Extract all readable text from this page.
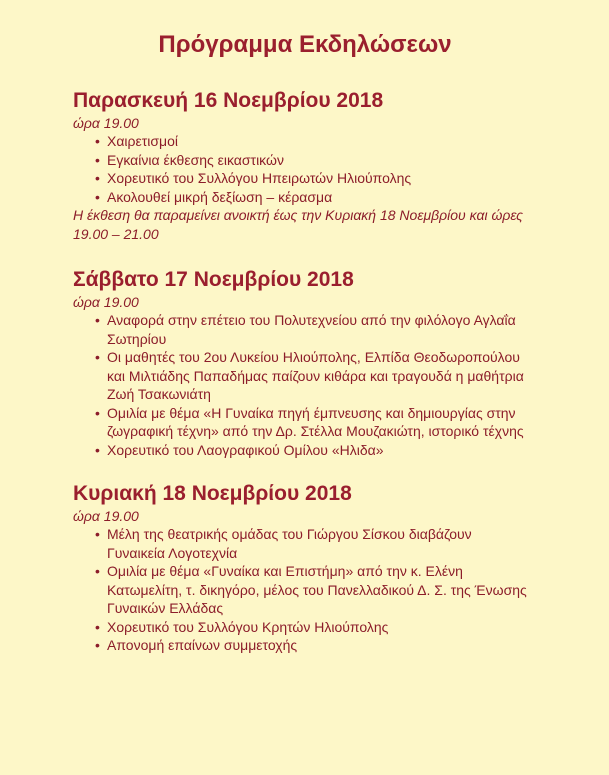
Πρόγραμμα Εκδηλώσεων
Παρασκευή 16 Νοεμβρίου 2018
ώρα 19.00
• Χαιρετισμοί
• Εγκαίνια έκθεσης εικαστικών
• Χορευτικό του Συλλόγου Ηπειρωτών Ηλιούπολης
• Ακολουθεί μικρή δεξίωση – κέρασμα
Η έκθεση θα παραμείνει ανοικτή έως την Κυριακή 18 Νοεμβρίου και ώρες 19.00 – 21.00
Σάββατο 17 Νοεμβρίου 2018
ώρα 19.00
• Αναφορά στην επέτειο του Πολυτεχνείου από την φιλόλογο Αγλαΐα Σωτηρίου
• Οι μαθητές του 2ου Λυκείου Ηλιούπολης, Ελπίδα Θεοδωροπούλου και Μιλτιάδης Παπαδήμας παίζουν κιθάρα και τραγουδά η μαθήτρια Ζωή Τσακωνιάτη
• Ομιλία με θέμα «Η Γυναίκα πηγή έμπνευσης και δημιουργίας στην ζωγραφική τέχνη» από την Δρ. Στέλλα Μουζακιώτη, ιστορικό τέχνης
• Χορευτικό του Λαογραφικού Ομίλου «Ηλιδα»
Κυριακή 18 Νοεμβρίου 2018
ώρα 19.00
• Μέλη της θεατρικής ομάδας του Γιώργου Σίσκου διαβάζουν Γυναικεία Λογοτεχνία
• Ομιλία με θέμα «Γυναίκα και Επιστήμη» από την κ. Ελένη Κατωμελίτη, τ. δικηγόρο, μέλος του Πανελλαδικού Δ. Σ. της Ένωσης Γυναικών Ελλάδας
• Χορευτικό του Συλλόγου Κρητών Ηλιούπολης
• Απονομή επαίνων συμμετοχής
